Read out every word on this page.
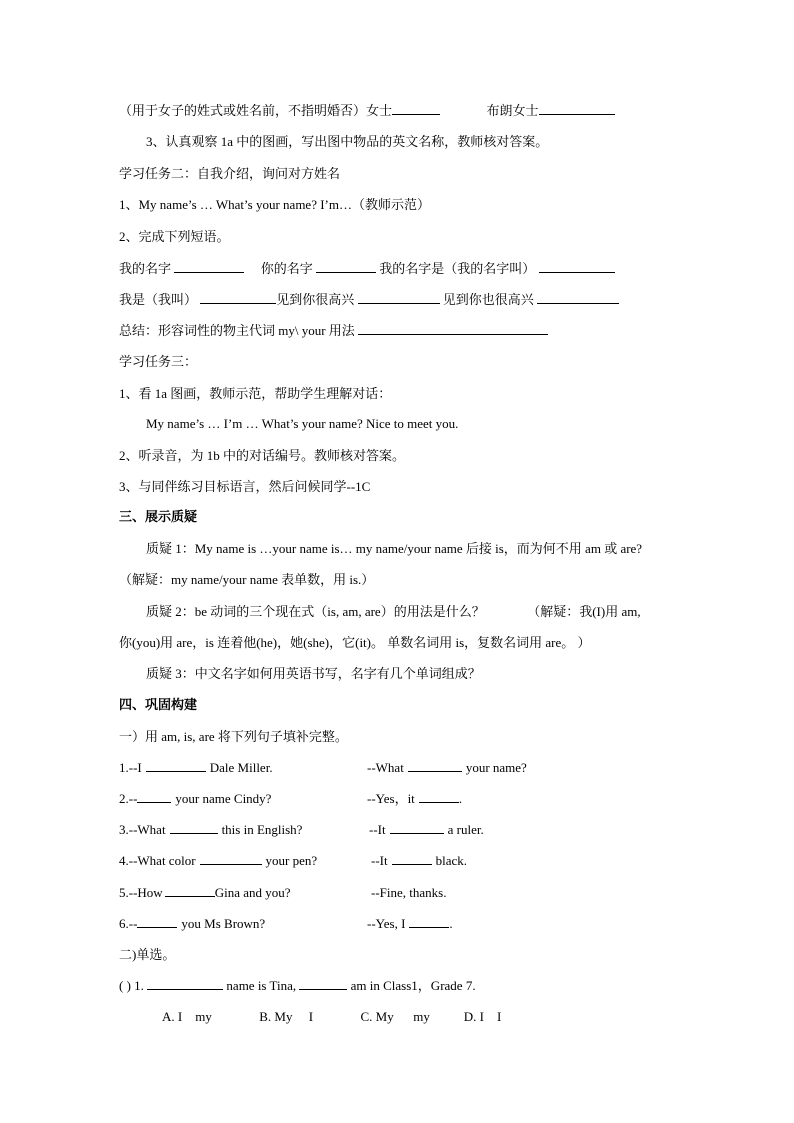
（用于女子的姓式或姓名前，不指明婚否）女士	布朗女士
3、认真观察 1a 中的图画，写出图中物品的英文名称，教师核对答案。
学习任务二：自我介绍，询问对方姓名
1、My name’s … What’s your name? I’m…（教师示范）
2、完成下列短语。
我的名字	你的名字	我的名字是（我的名字叫）
我是（我叫）	见到你很高兴	见到你也很高兴
总结：形容词性的物主代词 my\ your 用法
学习任务三：
1、看 1a 图画，教师示范，帮助学生理解对话：
My name’s … I’m … What’s your name? Nice to meet you.
2、听录音，为 1b 中的对话编号。教师核对答案。
3、与同伴练习目标语言，然后问候同学--1C
三、展示质疑
质疑 1：My name is …your name is… my name/your name 后接 is，而为何不用 am 或 are?
（解疑：my name/your name 表单数，用 is.）
质疑 2：be 动词的三个现在式（is, am, are）的用法是什么？	（解疑：我(I)用 am,
你(you)用 are，is 连着他(he)，她(she)，它(it)。 单数名词用 is，复数名词用 are。 ）
质疑 3：中文名字如何用英语书写，名字有几个单词组成？
四、巩固构建
一）用 am, is, are 将下列句子填补完整。
1.--I	Dale Miller.	--What	your name?
2.--	your name Cindy?	--Yes，it	.
3.--What	this in English?	--It	a ruler.
4.--What color	your pen?	--It	black.
5.--How	Gina and you?	--Fine, thanks.
6.--	you Ms Brown?	--Yes, I	.
二)单选。
( ) 1.	name is Tina,	am in Class1，Grade 7.
A. I    my	B. My     I	C. My      my	D. I    I
